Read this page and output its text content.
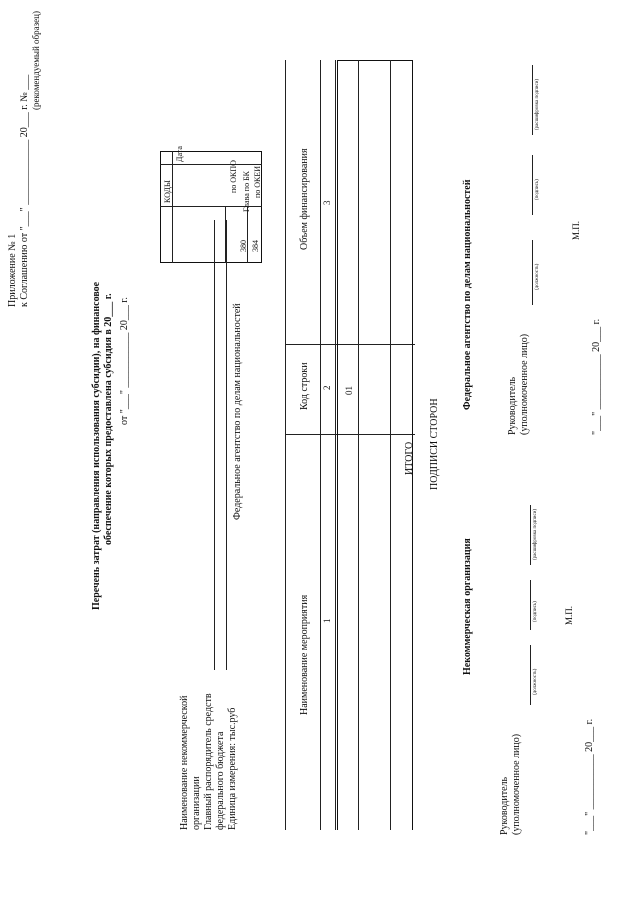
Приложение № 1 к Соглашению от "___" _____________ 20___ г. № ___
(рекомендуемый образец)
Перечень затрат (направления использования субсидии), на финансовое обеспечение которых предоставлена субсидия в 20___ г. от "___" ___________ 20___ г.
КОДЫ
Дата
по ОКПО Глава по БК по ОКЕИ
380 384
Наименование некоммерческой организации Главный распорядитель средств федерального бюджета Единица измерения: тыс.руб
Федеральное агентство по делам национальностей
Наименование мероприятия
Код строки
Объем финансирования
1
2
3
01
ИТОГО ПОДПИСИ СТОРОН
Некоммерческая организация
Федеральное агентство по делам национальностей
Руководитель (уполномоченное лицо)
Руководитель (уполномоченное лицо)
(должность)
(подпись)
(расшифровка подписи)
(должность)
(подпись)
(расшифровка подписи)
"___" ___________ 20___ г.
М.П.
"___" ___________ 20___ г.
М.П.
